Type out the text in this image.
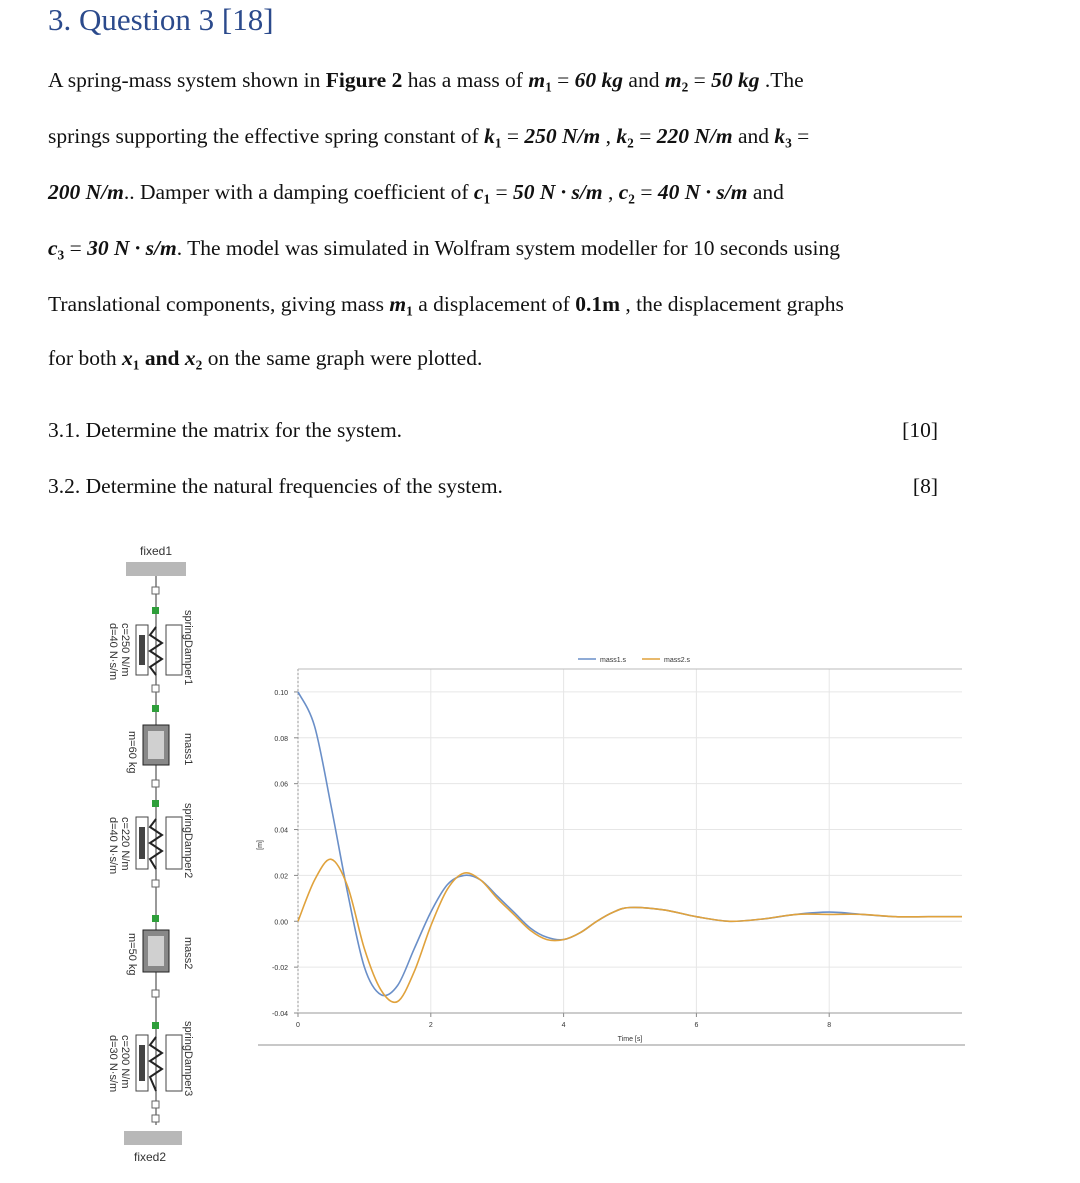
3. Question 3 [18]
A spring-mass system shown in Figure 2 has a mass of $m_1 = 60$ kg and $m_2 = 50$ kg .The
springs supporting the effective spring constant of $k_1 = 250$ N/m , $k_2 = 220$ N/m and $k_3$ =
200 N/m.. Damper with a damping coefficient of $c_1 = 50$ N · s/m , $c_2 = 40$ N · s/m and
$c_3 = 30$ N · s/m. The model was simulated in Wolfram system modeller for 10 seconds using
Translational components, giving mass $m_1$ a displacement of 0.1m , the displacement graphs
for both $x_1$ and $x_2$ on the same graph were plotted.
3.1. Determine the matrix for the system.	[10]
3.2. Determine the natural frequencies of the system.	[8]
fixed1
fixed2
springDamper1
mass1
springDamper2
mass2
springDamper3
c=250 N/m
d=40 N·s/m
m=60 kg
c=220 N/m
d=40 N·s/m
m=50 kg
c=200 N/m
d=30 N·s/m
0.10
0.08
0.06
0.04
0.02
0.00
-0.02
-0.04
0	2	4	6	8
Time [s]
[m]
mass1.s	mass2.s
